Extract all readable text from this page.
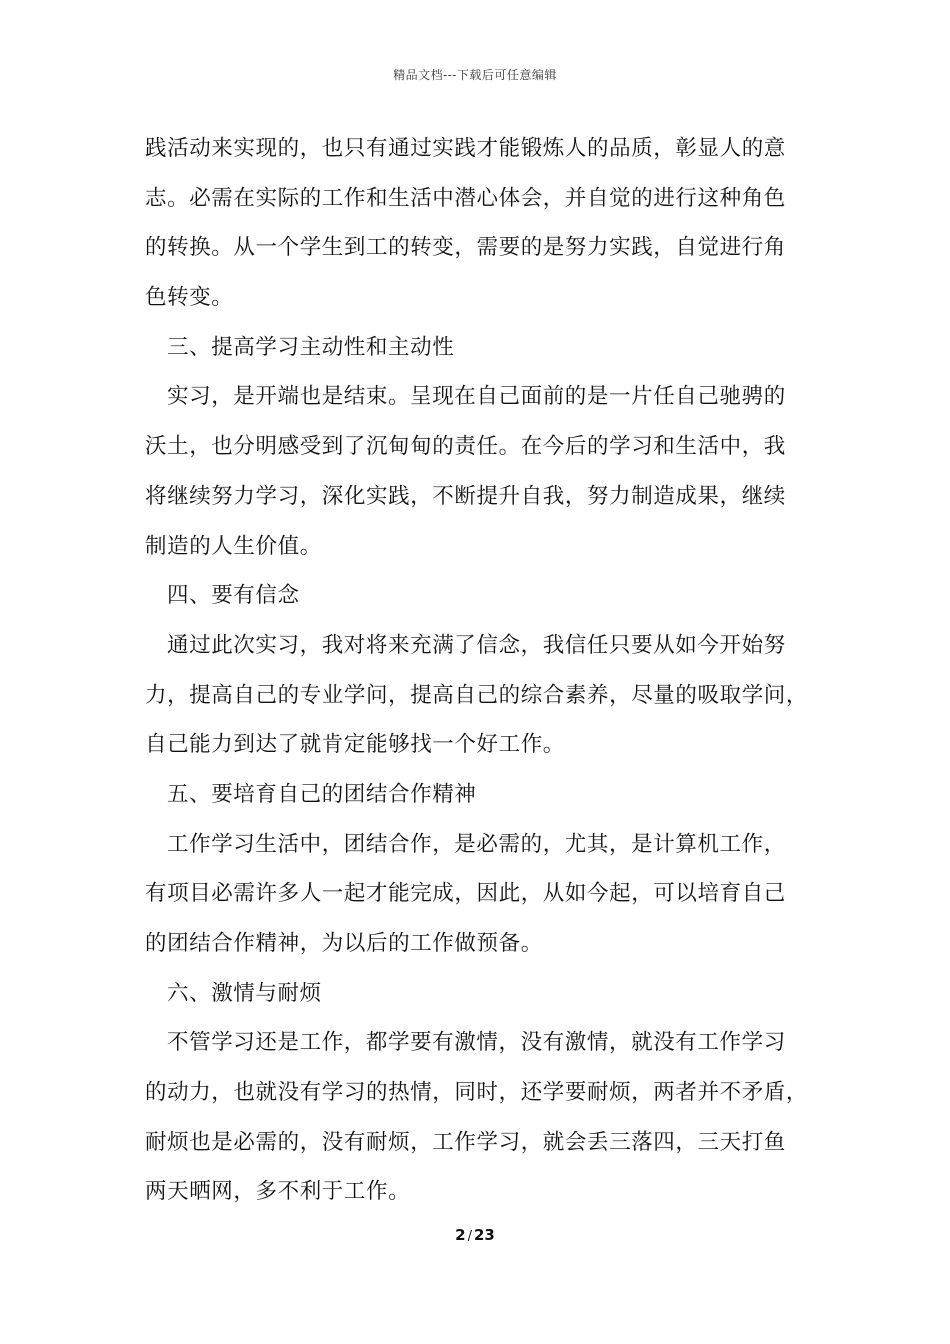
精品文档---下载后可任意编辑
践活动来实现的，也只有通过实践才能锻炼人的品质，彰显人的意
志。必需在实际的工作和生活中潜心体会，并自觉的进行这种角色
的转换。从一个学生到工的转变，需要的是努力实践，自觉进行角
色转变。
三、提高学习主动性和主动性
实习，是开端也是结束。呈现在自己面前的是一片任自己驰骋的
沃土，也分明感受到了沉甸甸的责任。在今后的学习和生活中，我
将继续努力学习，深化实践，不断提升自我，努力制造成果，继续
制造的人生价值。
四、要有信念
通过此次实习，我对将来充满了信念，我信任只要从如今开始努
力，提高自己的专业学问，提高自己的综合素养，尽量的吸取学问，
自己能力到达了就肯定能够找一个好工作。
五、要培育自己的团结合作精神
工作学习生活中，团结合作，是必需的，尤其，是计算机工作，
有项目必需许多人一起才能完成，因此，从如今起，可以培育自己
的团结合作精神，为以后的工作做预备。
六、激情与耐烦
不管学习还是工作，都学要有激情，没有激情，就没有工作学习
的动力，也就没有学习的热情，同时，还学要耐烦，两者并不矛盾，
耐烦也是必需的，没有耐烦，工作学习，就会丢三落四，三天打鱼
两天晒网，多不利于工作。
2 / 23
